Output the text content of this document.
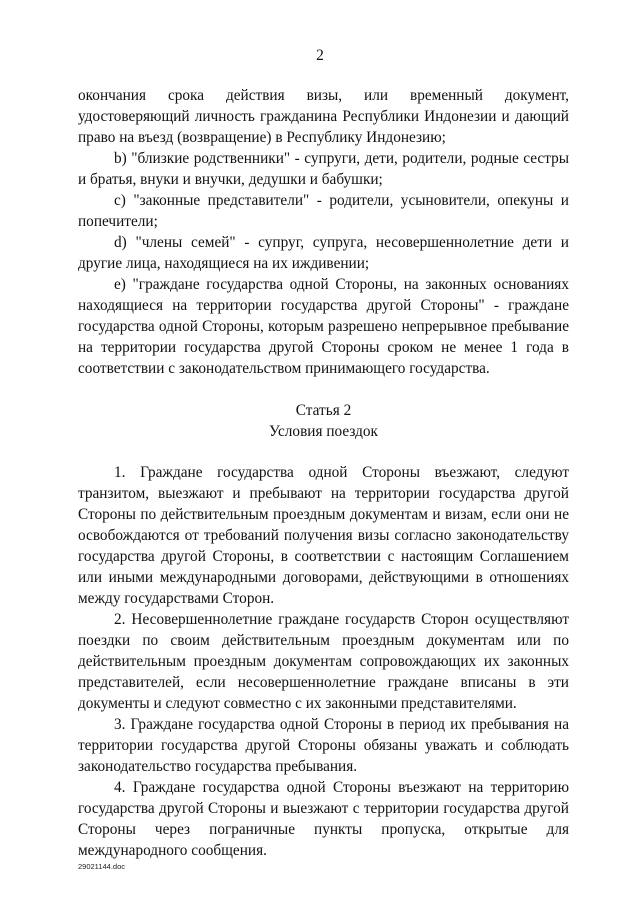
2

окончания срока действия визы, или временный документ, удостоверяющий личность гражданина Республики Индонезии и дающий право на въезд (возвращение) в Республику Индонезию;

b) "близкие родственники" - супруги, дети, родители, родные сестры и братья, внуки и внучки, дедушки и бабушки;

c) "законные представители" - родители, усыновители, опекуны и попечители;

d) "члены семей" - супруг, супруга, несовершеннолетние дети и другие лица, находящиеся на их иждивении;

e) "граждане государства одной Стороны, на законных основаниях находящиеся на территории государства другой Стороны" - граждане государства одной Стороны, которым разрешено непрерывное пребывание на территории государства другой Стороны сроком не менее 1 года в соответствии с законодательством принимающего государства.

Статья 2

Условия поездок

1. Граждане государства одной Стороны въезжают, следуют транзитом, выезжают и пребывают на территории государства другой Стороны по действительным проездным документам и визам, если они не освобождаются от требований получения визы согласно законодательству государства другой Стороны, в соответствии с настоящим Соглашением или иными международными договорами, действующими в отношениях между государствами Сторон.

2. Несовершеннолетние граждане государств Сторон осуществляют поездки по своим действительным проездным документам или по действительным проездным документам сопровождающих их законных представителей, если несовершеннолетние граждане вписаны в эти документы и следуют совместно с их законными представителями.

3. Граждане государства одной Стороны в период их пребывания на территории государства другой Стороны обязаны уважать и соблюдать законодательство государства пребывания.

4. Граждане государства одной Стороны въезжают на территорию государства другой Стороны и выезжают с территории государства другой Стороны через пограничные пункты пропуска, открытые для международного сообщения.

29021144.doc
